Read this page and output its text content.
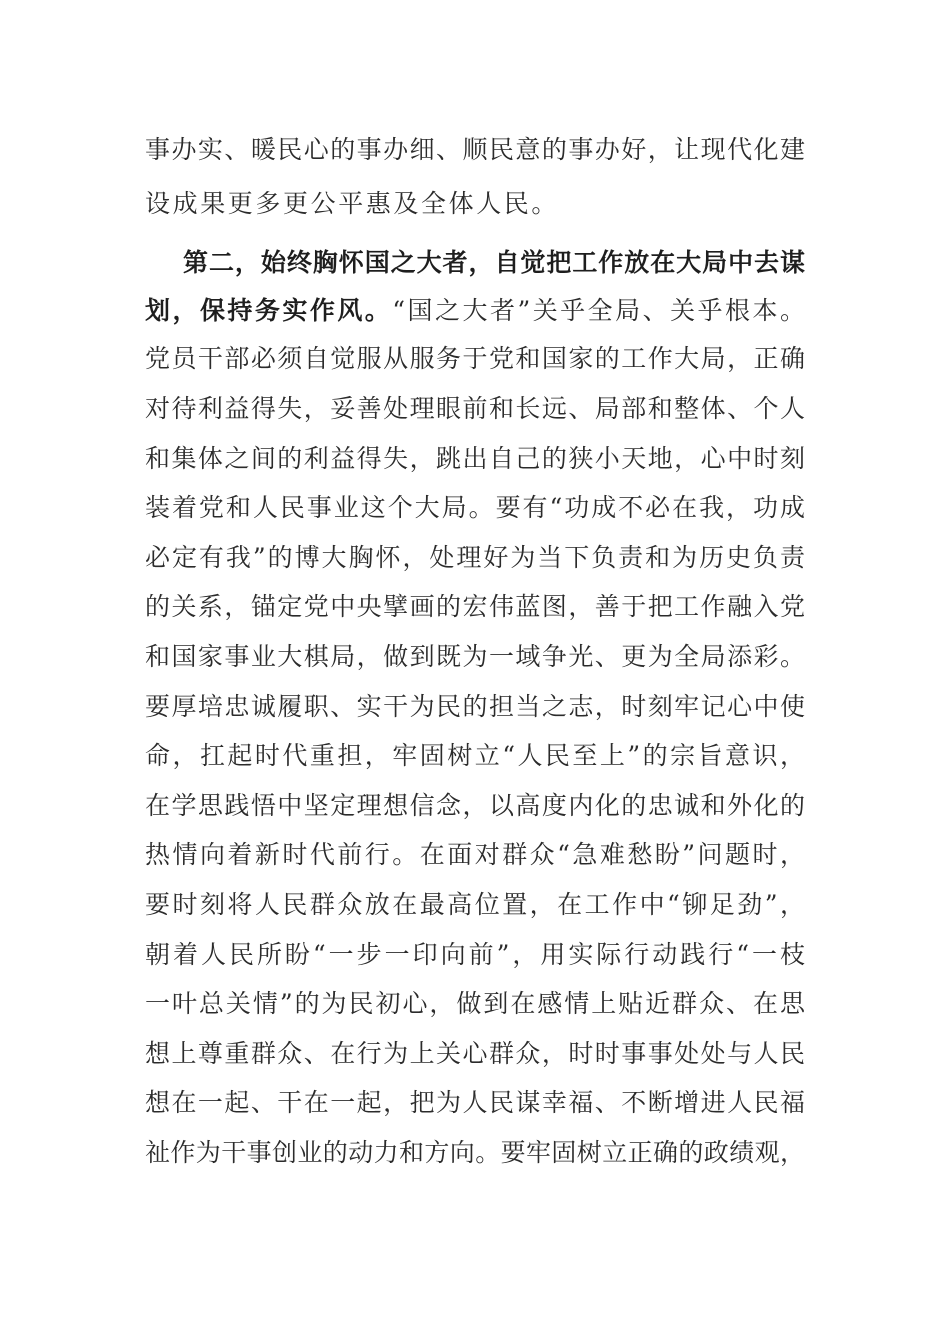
事办实、暖民心的事办细、顺民意的事办好，让现代化建
设成果更多更公平惠及全体人民。
第二，始终胸怀国之大者，自觉把工作放在大局中去谋
划，保持务实作风。“国之大者”关乎全局、关乎根本。
党员干部必须自觉服从服务于党和国家的工作大局，正确
对待利益得失，妥善处理眼前和长远、局部和整体、个人
和集体之间的利益得失，跳出自己的狭小天地，心中时刻
装着党和人民事业这个大局。要有“功成不必在我，功成
必定有我”的博大胸怀，处理好为当下负责和为历史负责
的关系，锚定党中央擘画的宏伟蓝图，善于把工作融入党
和国家事业大棋局，做到既为一域争光、更为全局添彩。
要厚培忠诚履职、实干为民的担当之志，时刻牢记心中使
命，扛起时代重担，牢固树立“人民至上”的宗旨意识，
在学思践悟中坚定理想信念，以高度内化的忠诚和外化的
热情向着新时代前行。在面对群众“急难愁盼”问题时，
要时刻将人民群众放在最高位置，在工作中“铆足劲”，
朝着人民所盼“一步一印向前”，用实际行动践行“一枝
一叶总关情”的为民初心，做到在感情上贴近群众、在思
想上尊重群众、在行为上关心群众，时时事事处处与人民
想在一起、干在一起，把为人民谋幸福、不断增进人民福
祉作为干事创业的动力和方向。要牢固树立正确的政绩观，
